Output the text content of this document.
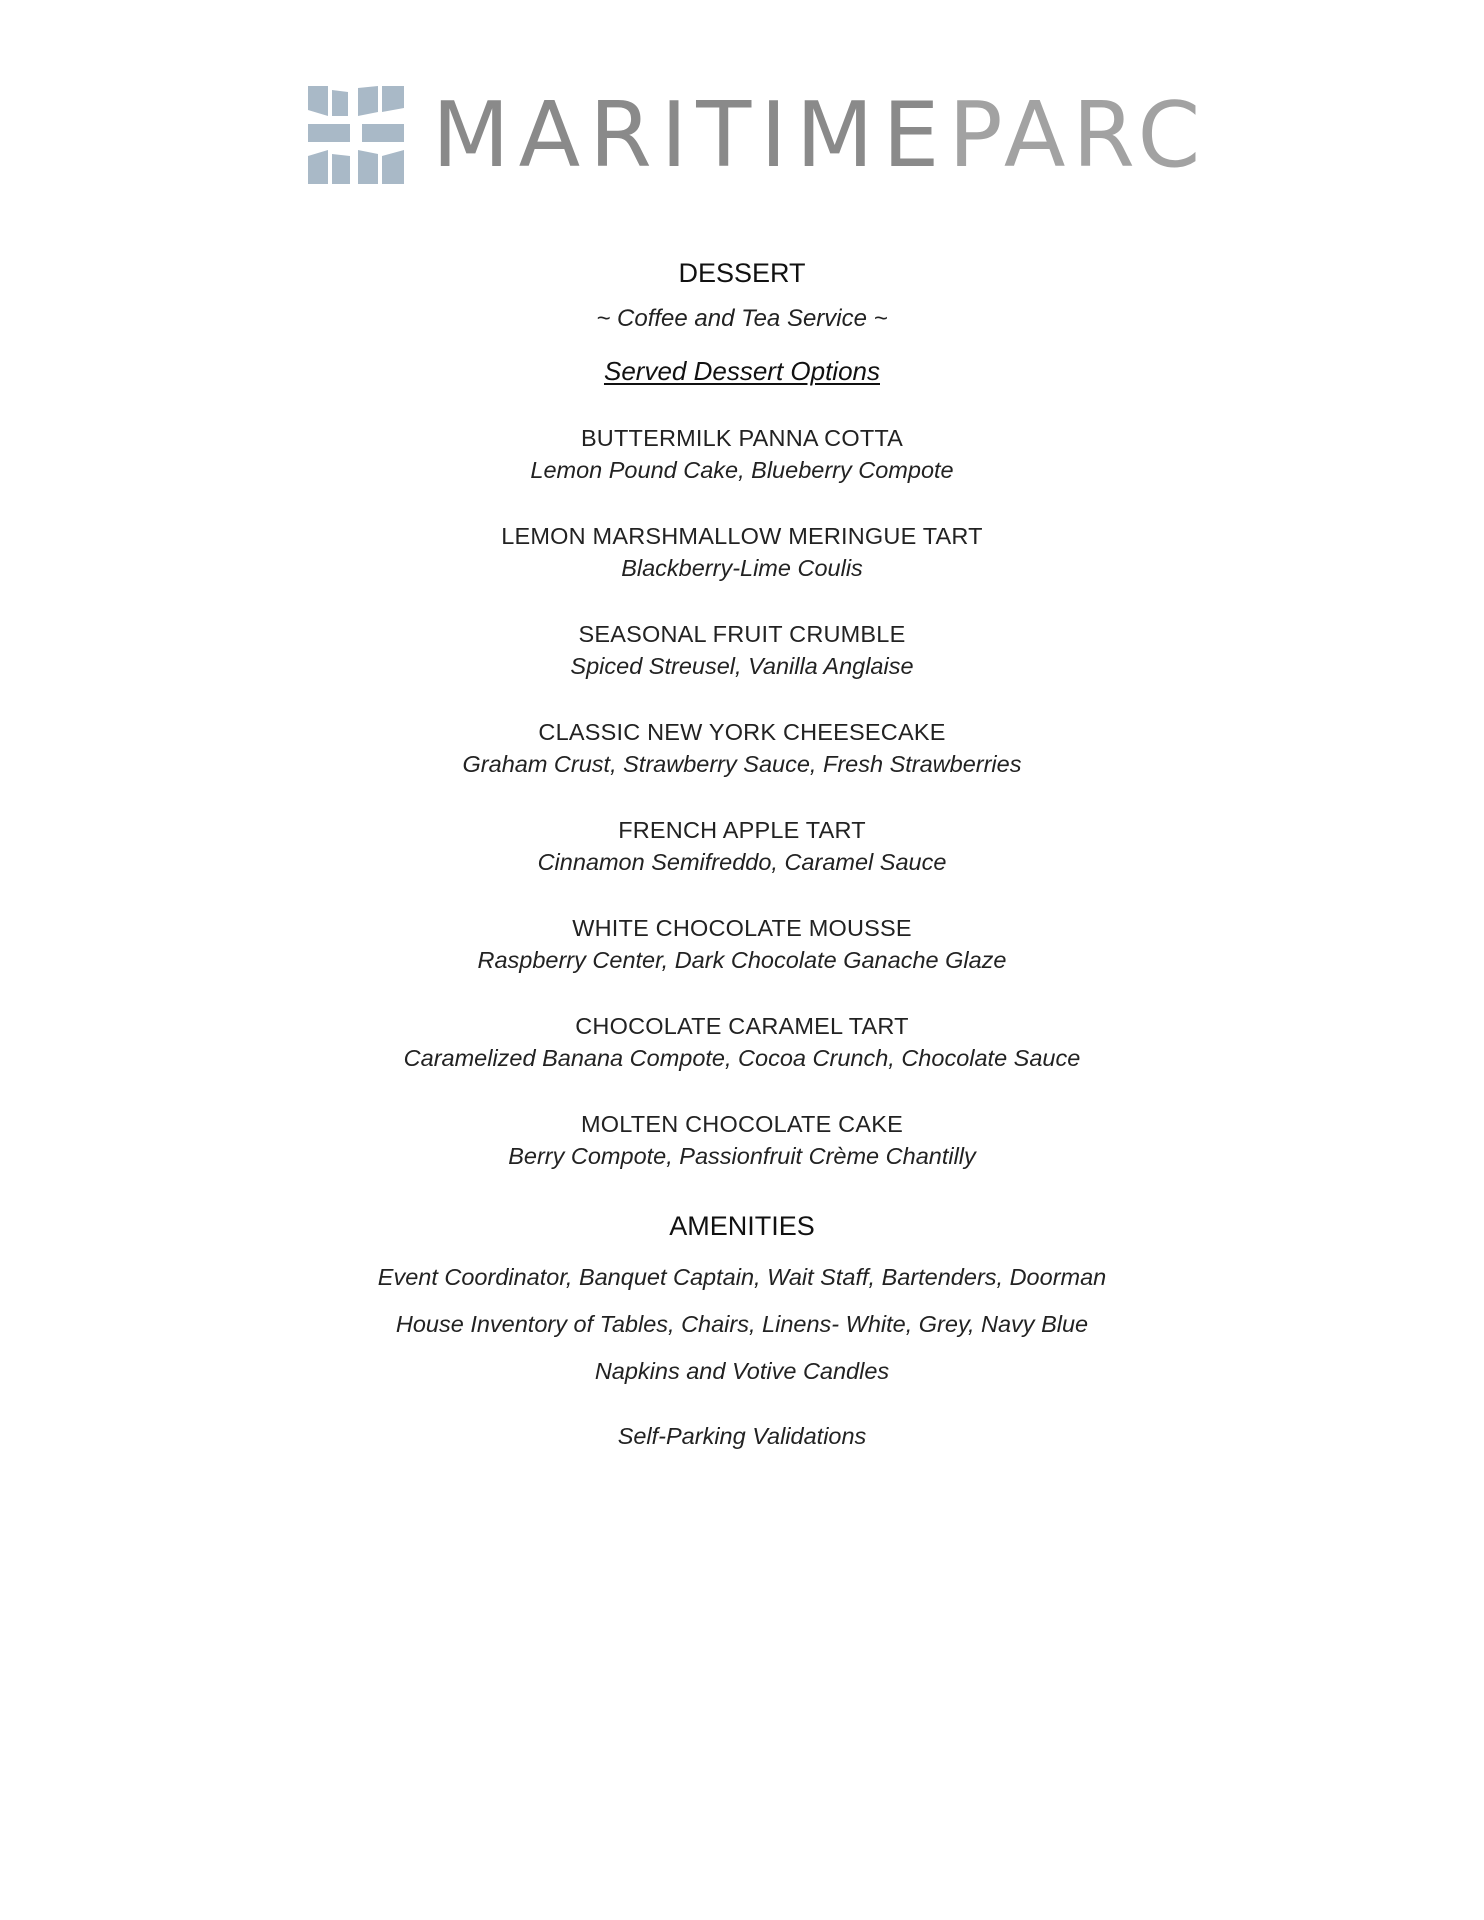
MARITIMEPARC
DESSERT
~ Coffee and Tea Service ~
Served Dessert Options
BUTTERMILK PANNA COTTA
Lemon Pound Cake, Blueberry Compote
LEMON MARSHMALLOW MERINGUE TART
Blackberry-Lime Coulis
SEASONAL FRUIT CRUMBLE
Spiced Streusel, Vanilla Anglaise
CLASSIC NEW YORK CHEESECAKE
Graham Crust, Strawberry Sauce, Fresh Strawberries
FRENCH APPLE TART
Cinnamon Semifreddo, Caramel Sauce
WHITE CHOCOLATE MOUSSE
Raspberry Center, Dark Chocolate Ganache Glaze
CHOCOLATE CARAMEL TART
Caramelized Banana Compote, Cocoa Crunch, Chocolate Sauce
MOLTEN CHOCOLATE CAKE
Berry Compote, Passionfruit Crème Chantilly
AMENITIES
Event Coordinator, Banquet Captain, Wait Staff, Bartenders, Doorman
House Inventory of Tables, Chairs, Linens- White, Grey, Navy Blue
Napkins and Votive Candles
Self-Parking Validations
